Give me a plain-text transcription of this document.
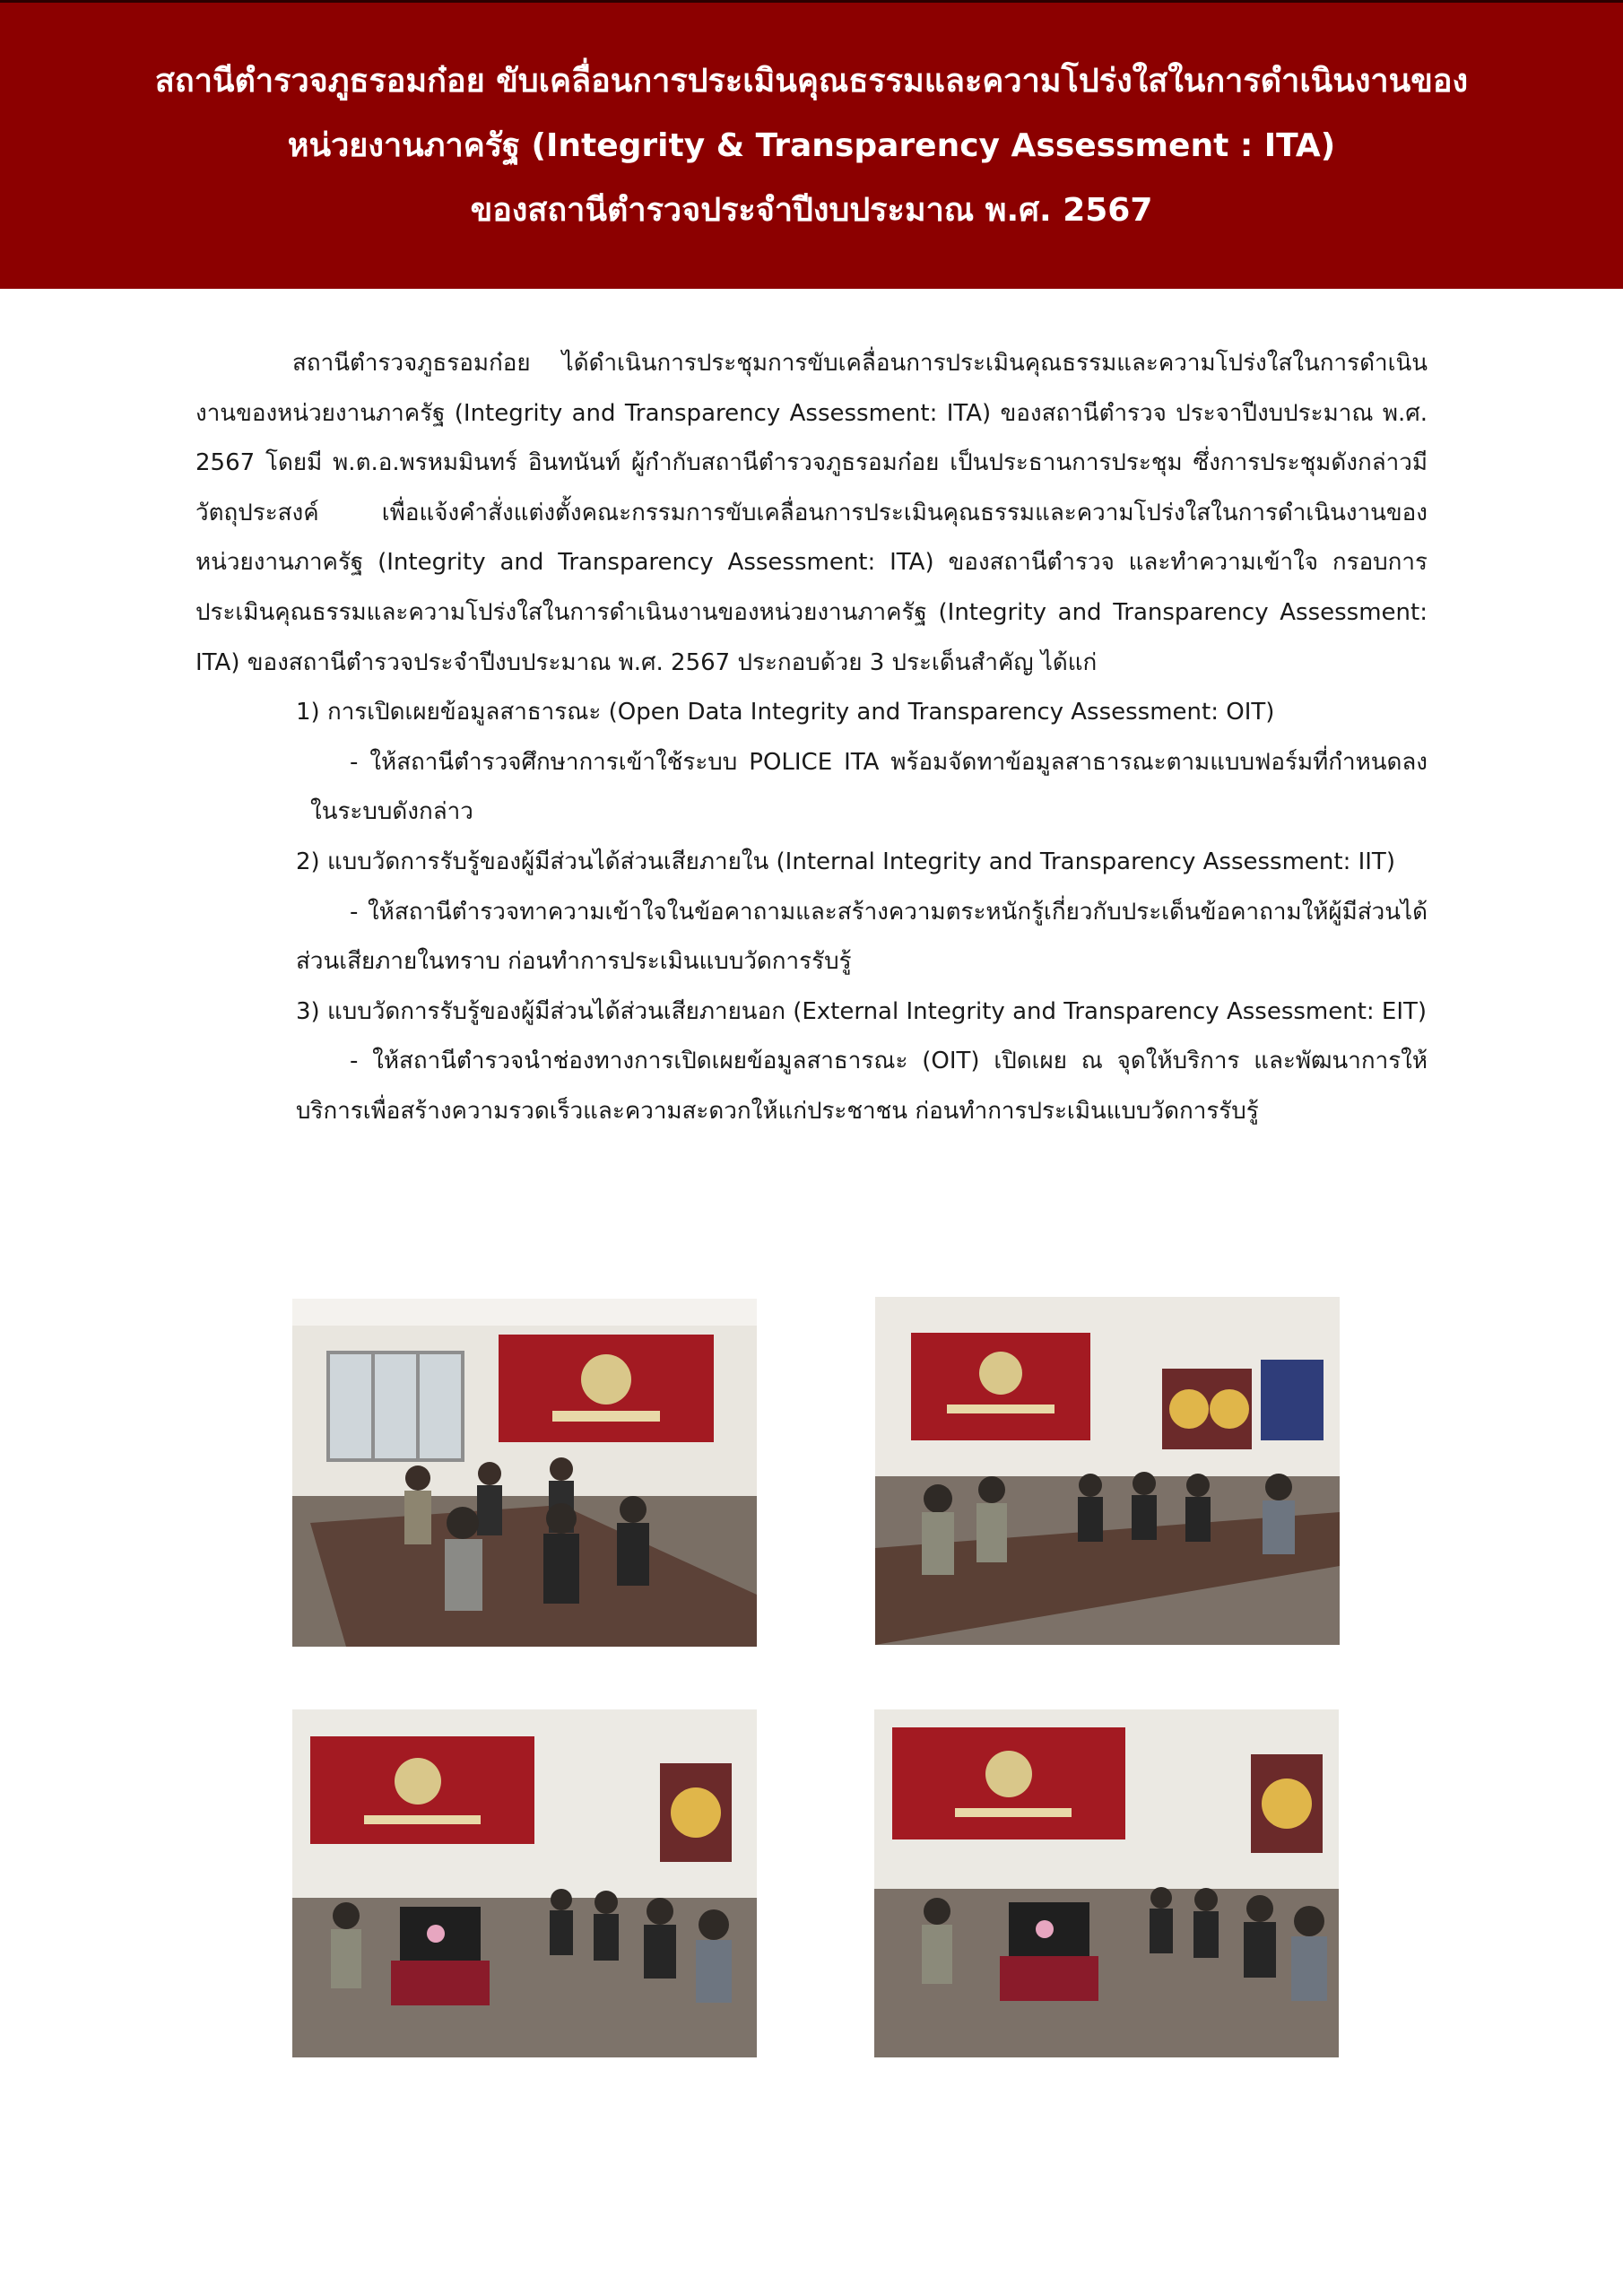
สถานีตำรวจภูธรอมก๋อย ขับเคลื่อนการประเมินคุณธรรมและความโปร่งใสในการดำเนินงานของ
หน่วยงานภาครัฐ (Integrity & Transparency Assessment : ITA)
ของสถานีตำรวจประจำปีงบประมาณ พ.ศ. 2567

สถานีตำรวจภูธรอมก๋อย ได้ดำเนินการประชุมการขับเคลื่อนการประเมินคุณธรรมและความโปร่งใสในการดำเนินงานของหน่วยงานภาครัฐ (Integrity and Transparency Assessment: ITA) ของสถานีตำรวจ ประจาปีงบประมาณ พ.ศ. 2567 โดยมี พ.ต.อ.พรหมมินทร์ อินทนันท์ ผู้กำกับสถานีตำรวจภูธรอมก๋อย เป็นประธานการประชุม ซึ่งการประชุมดังกล่าวมีวัตถุประสงค์ เพื่อแจ้งคำสั่งแต่งตั้งคณะกรรมการขับเคลื่อนการประเมินคุณธรรมและความโปร่งใสในการดำเนินงานของหน่วยงานภาครัฐ (Integrity and Transparency Assessment: ITA) ของสถานีตำรวจ และทำความเข้าใจ กรอบการประเมินคุณธรรมและความโปร่งใสในการดำเนินงานของหน่วยงานภาครัฐ (Integrity and Transparency Assessment: ITA) ของสถานีตำรวจประจำปีงบประมาณ พ.ศ. 2567 ประกอบด้วย 3 ประเด็นสำคัญ ได้แก่

1) การเปิดเผยข้อมูลสาธารณะ (Open Data Integrity and Transparency Assessment: OIT)

- ให้สถานีตำรวจศึกษาการเข้าใช้ระบบ POLICE ITA พร้อมจัดทาข้อมูลสาธารณะตามแบบฟอร์มที่กำหนดลงในระบบดังกล่าว

2) แบบวัดการรับรู้ของผู้มีส่วนได้ส่วนเสียภายใน (Internal Integrity and Transparency Assessment: IIT)

- ให้สถานีตำรวจทาความเข้าใจในข้อคาถามและสร้างความตระหนักรู้เกี่ยวกับประเด็นข้อคาถามให้ผู้มีส่วนได้ส่วนเสียภายในทราบ ก่อนทำการประเมินแบบวัดการรับรู้

3) แบบวัดการรับรู้ของผู้มีส่วนได้ส่วนเสียภายนอก (External Integrity and Transparency Assessment: EIT)

- ให้สถานีตำรวจนำช่องทางการเปิดเผยข้อมูลสาธารณะ (OIT) เปิดเผย ณ จุดให้บริการ และพัฒนาการให้บริการเพื่อสร้างความรวดเร็วและความสะดวกให้แก่ประชาชน ก่อนทำการประเมินแบบวัดการรับรู้
